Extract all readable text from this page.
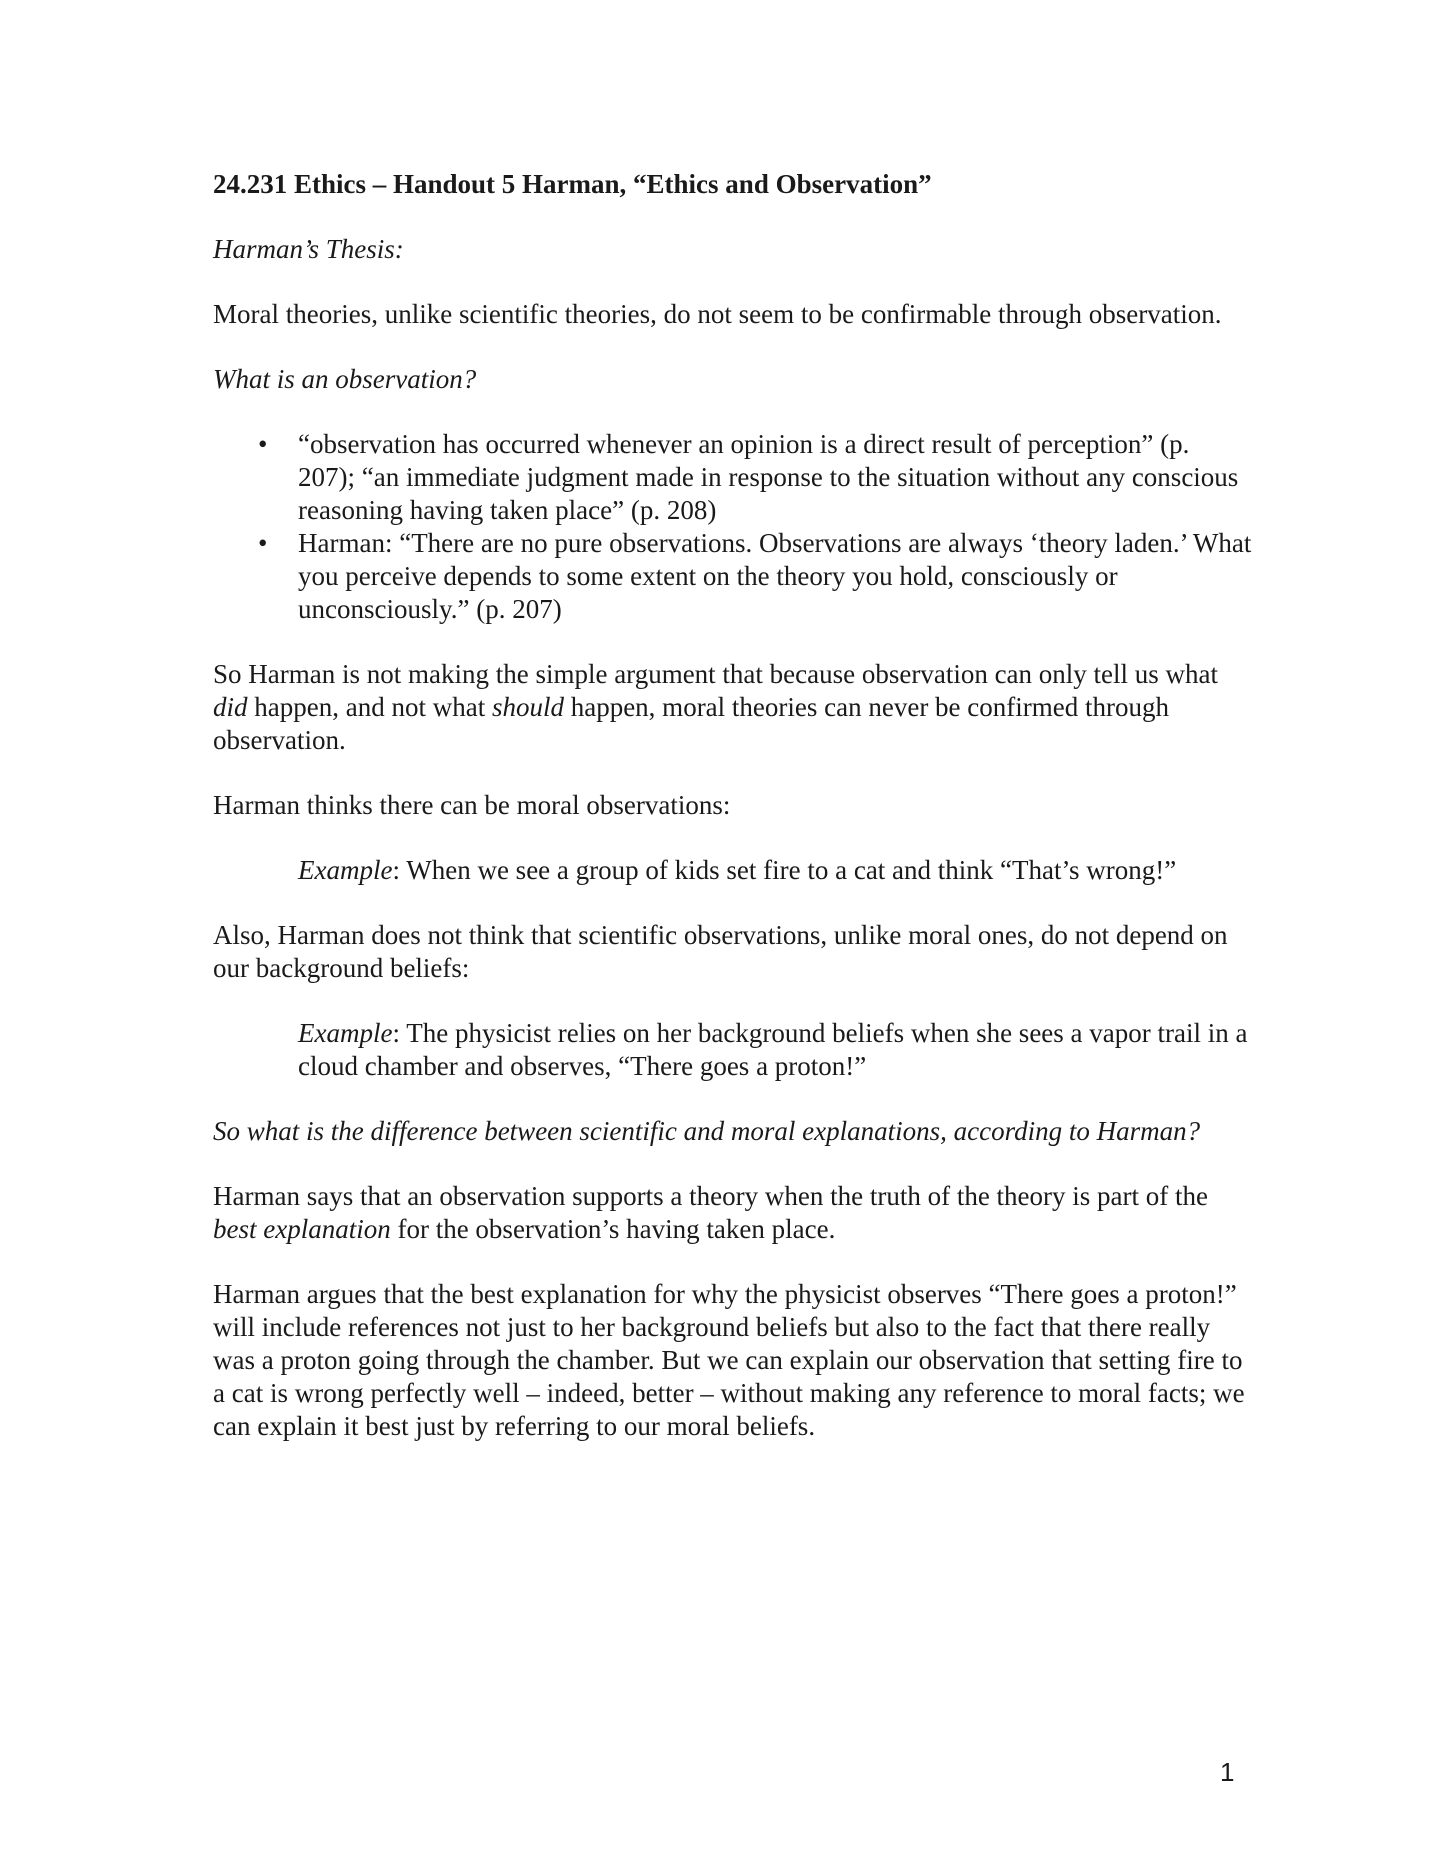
24.231 Ethics – Handout 5 Harman, “Ethics and Observation”
Harman’s Thesis:

Moral theories, unlike scientific theories, do not seem to be confirmable through observation.

What is an observation?
• “observation has occurred whenever an opinion is a direct result of perception” (p. 207); “an immediate judgment made in response to the situation without any conscious reasoning having taken place” (p. 208)
• Harman: “There are no pure observations. Observations are always ‘theory laden.’ What you perceive depends to some extent on the theory you hold, consciously or unconsciously.” (p. 207)

So Harman is not making the simple argument that because observation can only tell us what did happen, and not what should happen, moral theories can never be confirmed through observation.

Harman thinks there can be moral observations:

Example: When we see a group of kids set fire to a cat and think “That’s wrong!”

Also, Harman does not think that scientific observations, unlike moral ones, do not depend on our background beliefs:

Example: The physicist relies on her background beliefs when she sees a vapor trail in a cloud chamber and observes, “There goes a proton!”

So what is the difference between scientific and moral explanations, according to Harman?

Harman says that an observation supports a theory when the truth of the theory is part of the best explanation for the observation’s having taken place.

Harman argues that the best explanation for why the physicist observes “There goes a proton!” will include references not just to her background beliefs but also to the fact that there really was a proton going through the chamber. But we can explain our observation that setting fire to a cat is wrong perfectly well – indeed, better – without making any reference to moral facts; we can explain it best just by referring to our moral beliefs.

1
